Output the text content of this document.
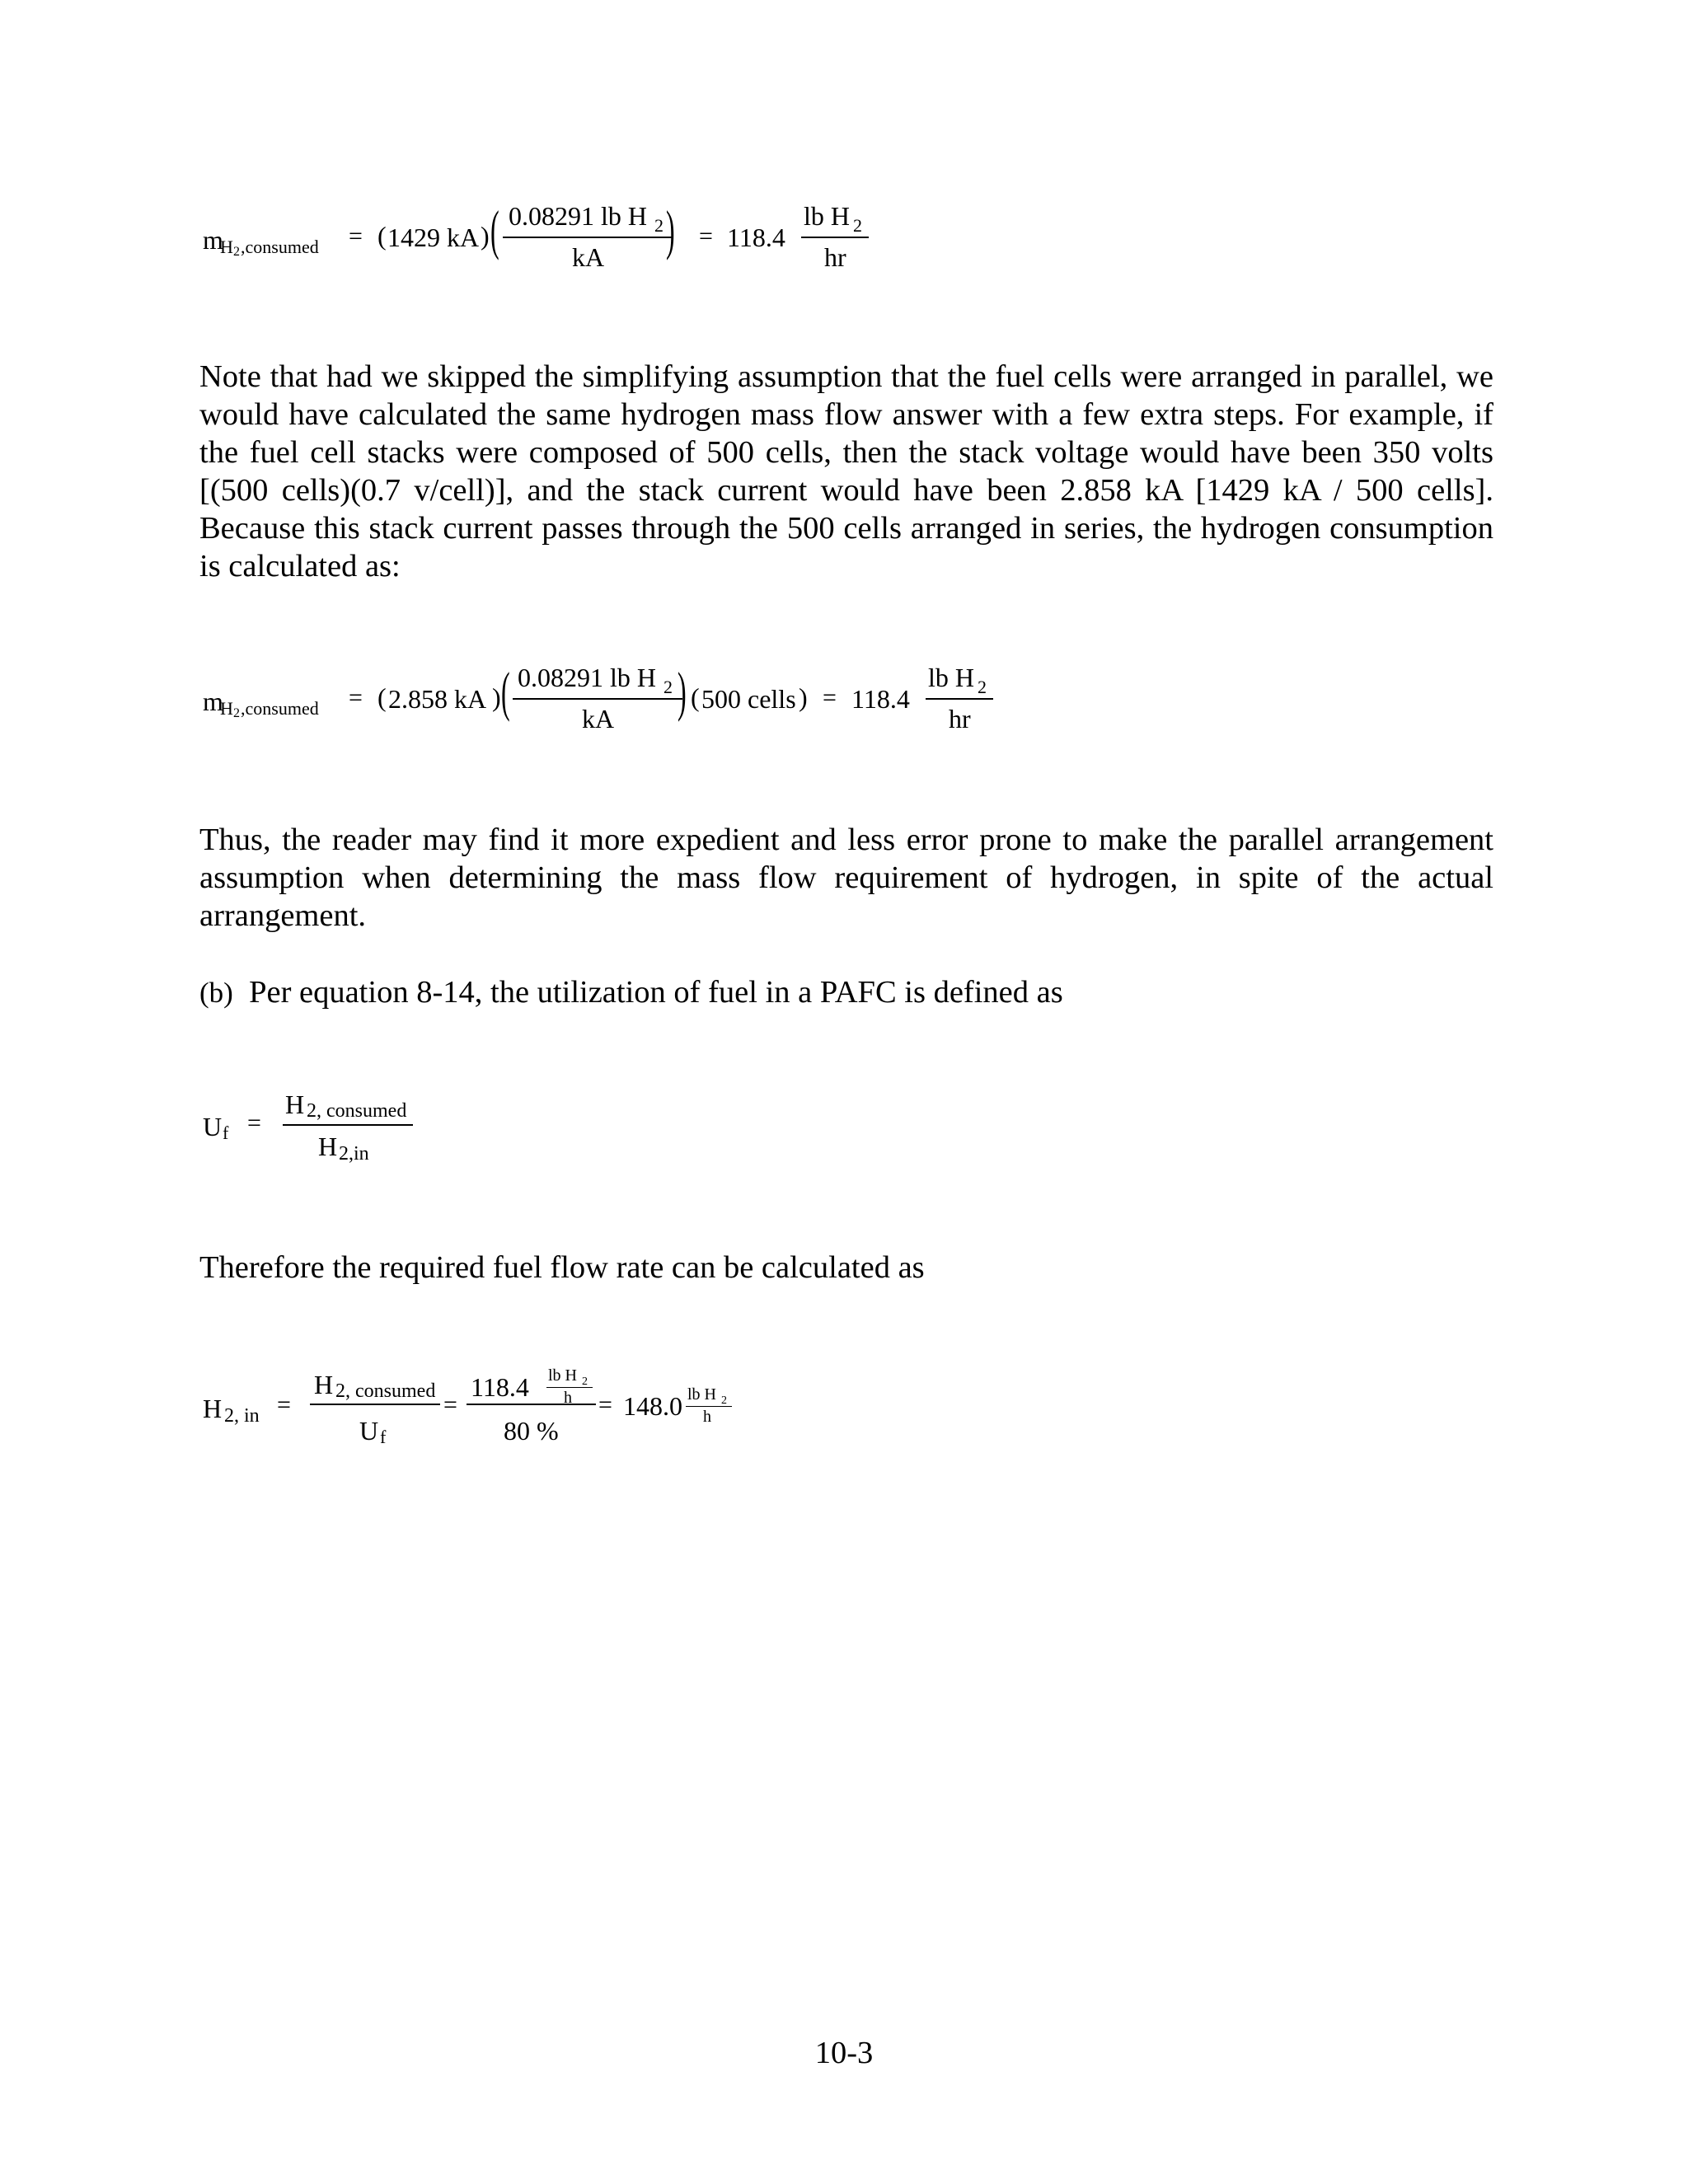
m
H 2 ,consumed = ( 1429 kA ) ( 0.08291 lb H 2
kA ) = 118.4
lb H 2
hr

Note that had we skipped the simplifying assumption that the fuel cells were arranged in parallel, we would have calculated the same hydrogen mass flow answer with a few extra steps. For example, if the fuel cell stacks were composed of 500 cells, then the stack voltage would have been 350 volts [(500 cells)(0.7 v/cell)], and the stack current would have been 2.858 kA [1429 kA / 500 cells]. Because this stack current passes through the 500 cells arranged in series, the hydrogen consumption is calculated as:

m
H 2 ,consumed = ( 2.858 kA ) ( 0.08291 lb H 2
kA ) ( 500 cells ) = 118.4
lb H 2
hr

Thus, the reader may find it more expedient and less error prone to make the parallel arrangement assumption when determining the mass flow requirement of hydrogen, in spite of the actual arrangement.

(b) Per equation 8-14, the utilization of fuel in a PAFC is defined as

U f =
H 2, consumed
H 2,in

Therefore the required fuel flow rate can be calculated as

H 2, in =
H 2, consumed
U f
=
118.4 lb H 2
h
80 %
= 148.0 lb H 2
h
10-3
